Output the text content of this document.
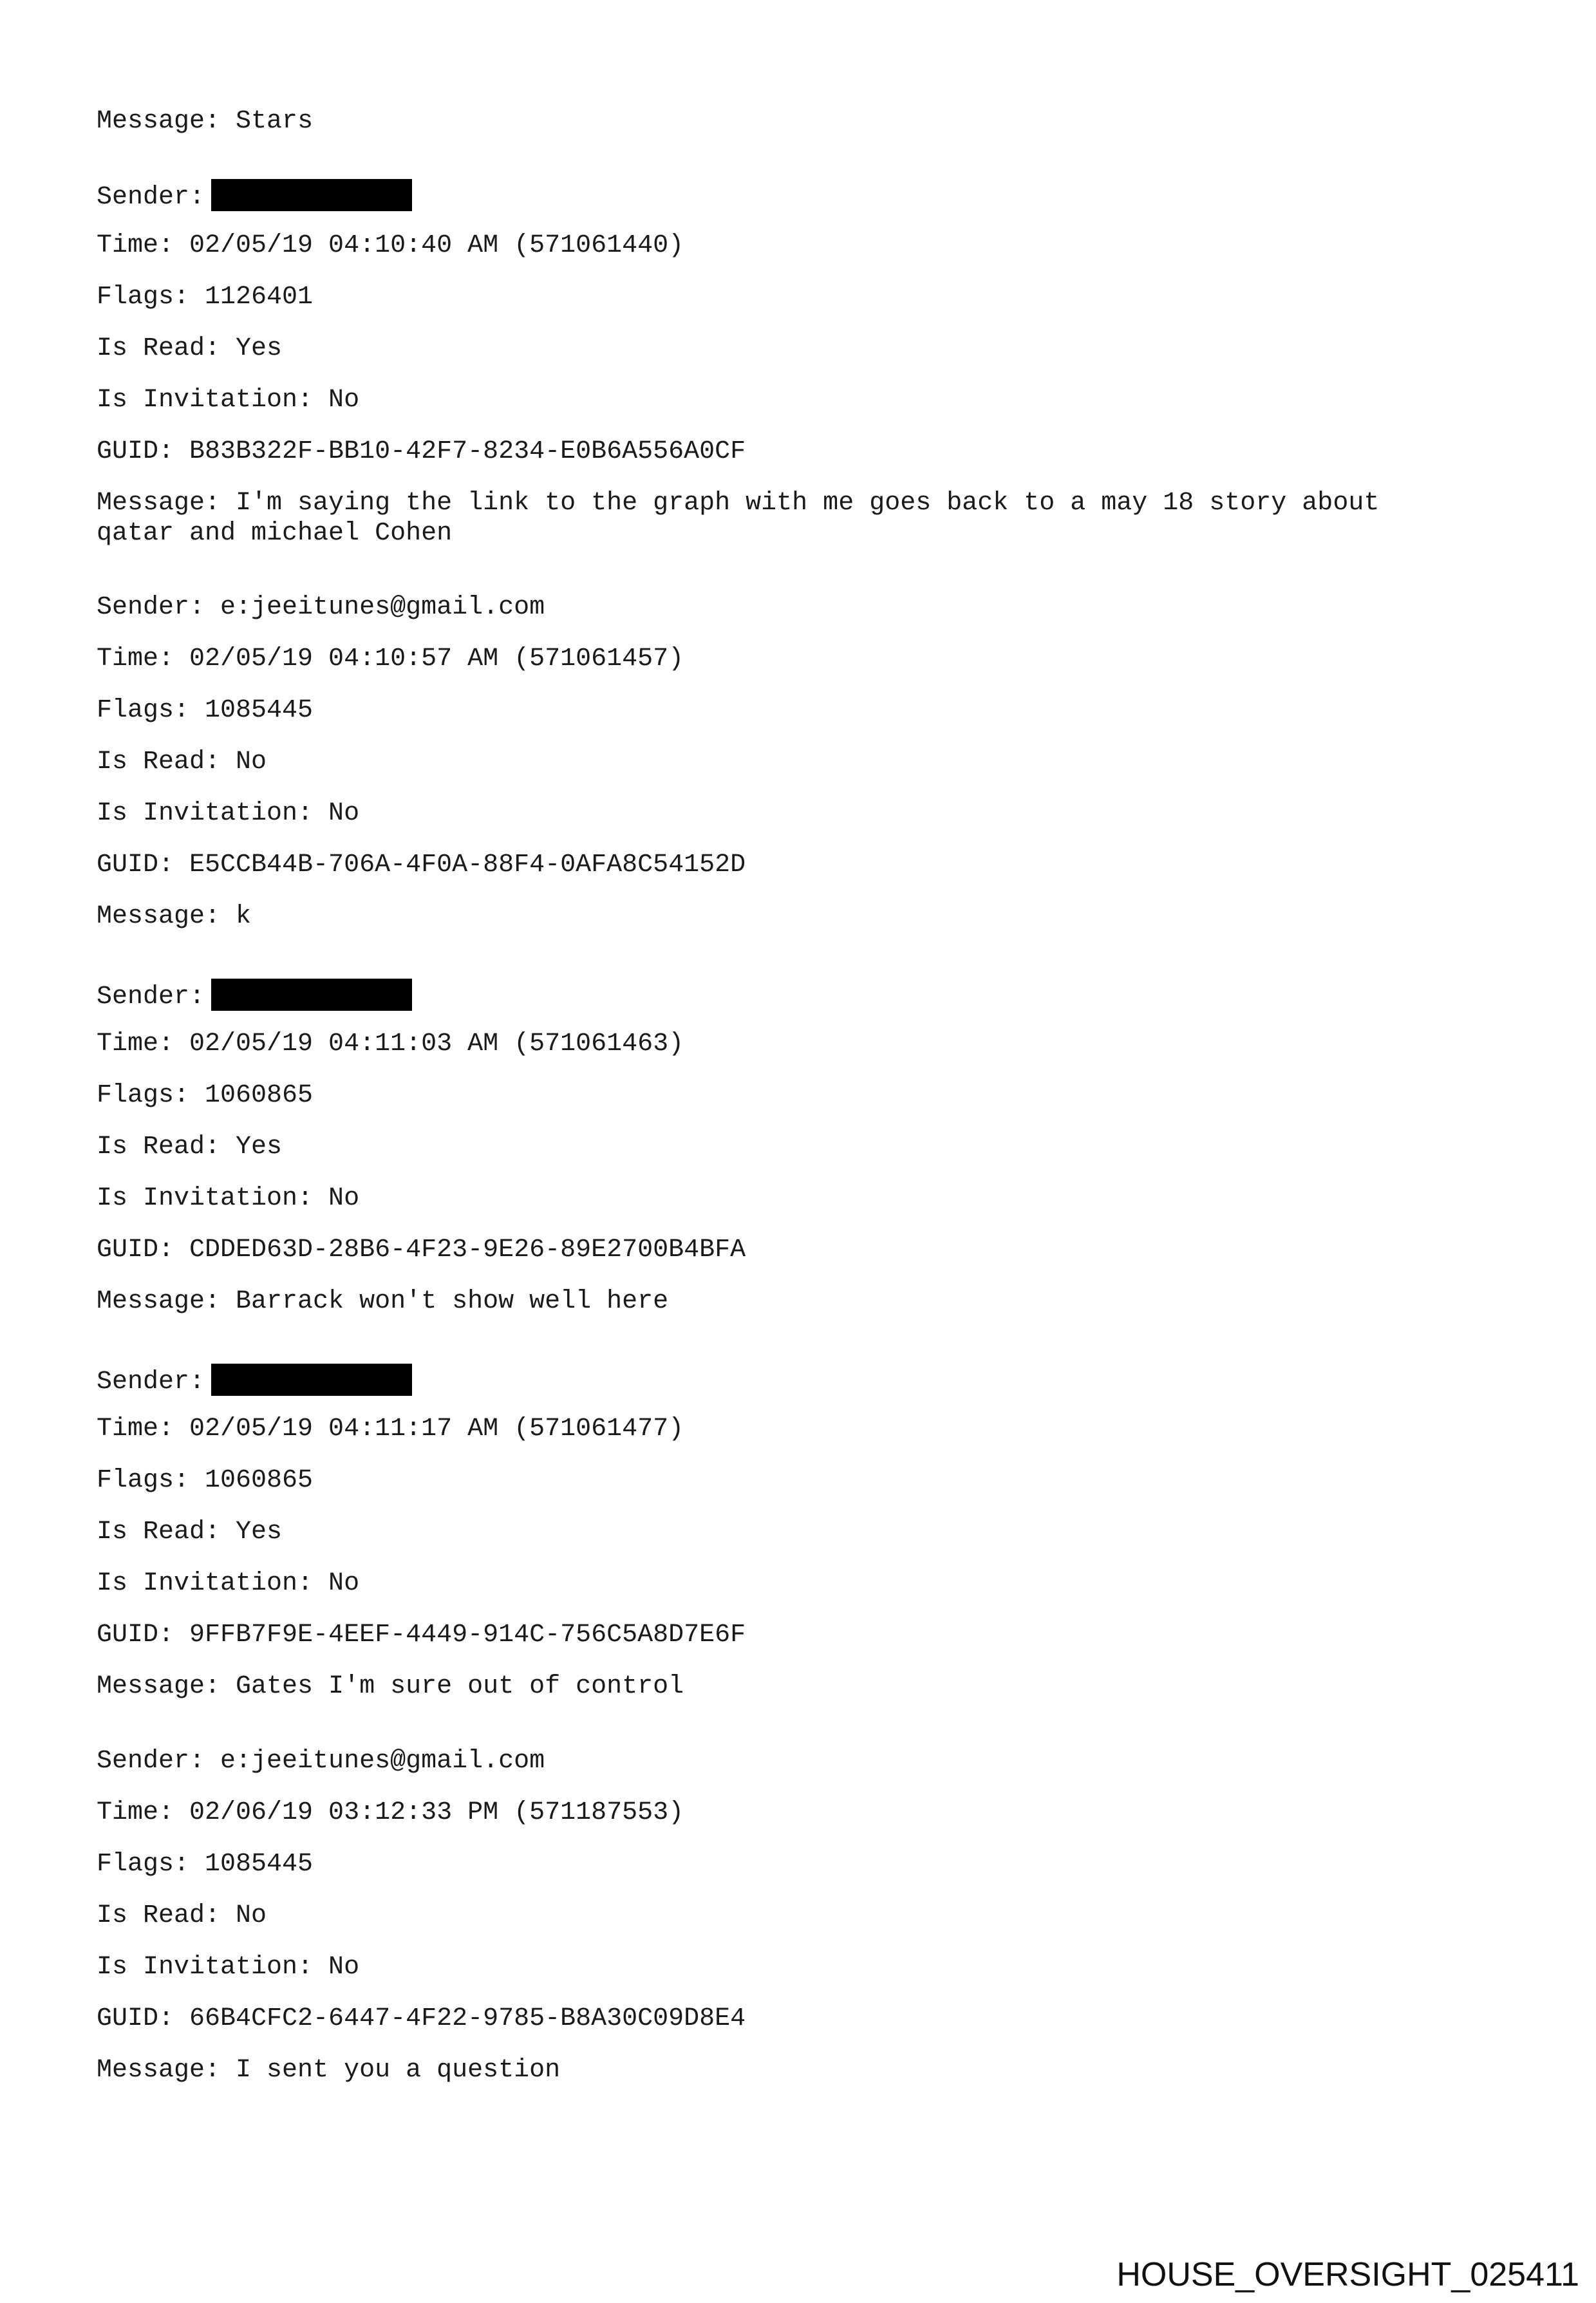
Message: Stars
Sender:
Time: 02/05/19 04:10:40 AM (571061440)
Flags: 1126401
Is Read: Yes
Is Invitation: No
GUID: B83B322F-BB10-42F7-8234-E0B6A556A0CF
Message: I'm saying the link to the graph with me goes back to a may 18 story about
qatar and michael Cohen
Sender: e:jeeitunes@gmail.com
Time: 02/05/19 04:10:57 AM (571061457)
Flags: 1085445
Is Read: No
Is Invitation: No
GUID: E5CCB44B-706A-4F0A-88F4-0AFA8C54152D
Message: k
Sender:
Time: 02/05/19 04:11:03 AM (571061463)
Flags: 1060865
Is Read: Yes
Is Invitation: No
GUID: CDDED63D-28B6-4F23-9E26-89E2700B4BFA
Message: Barrack won't show well here
Sender:
Time: 02/05/19 04:11:17 AM (571061477)
Flags: 1060865
Is Read: Yes
Is Invitation: No
GUID: 9FFB7F9E-4EEF-4449-914C-756C5A8D7E6F
Message: Gates I'm sure out of control
Sender: e:jeeitunes@gmail.com
Time: 02/06/19 03:12:33 PM (571187553)
Flags: 1085445
Is Read: No
Is Invitation: No
GUID: 66B4CFC2-6447-4F22-9785-B8A30C09D8E4
Message: I sent you a question
HOUSE_OVERSIGHT_025411
